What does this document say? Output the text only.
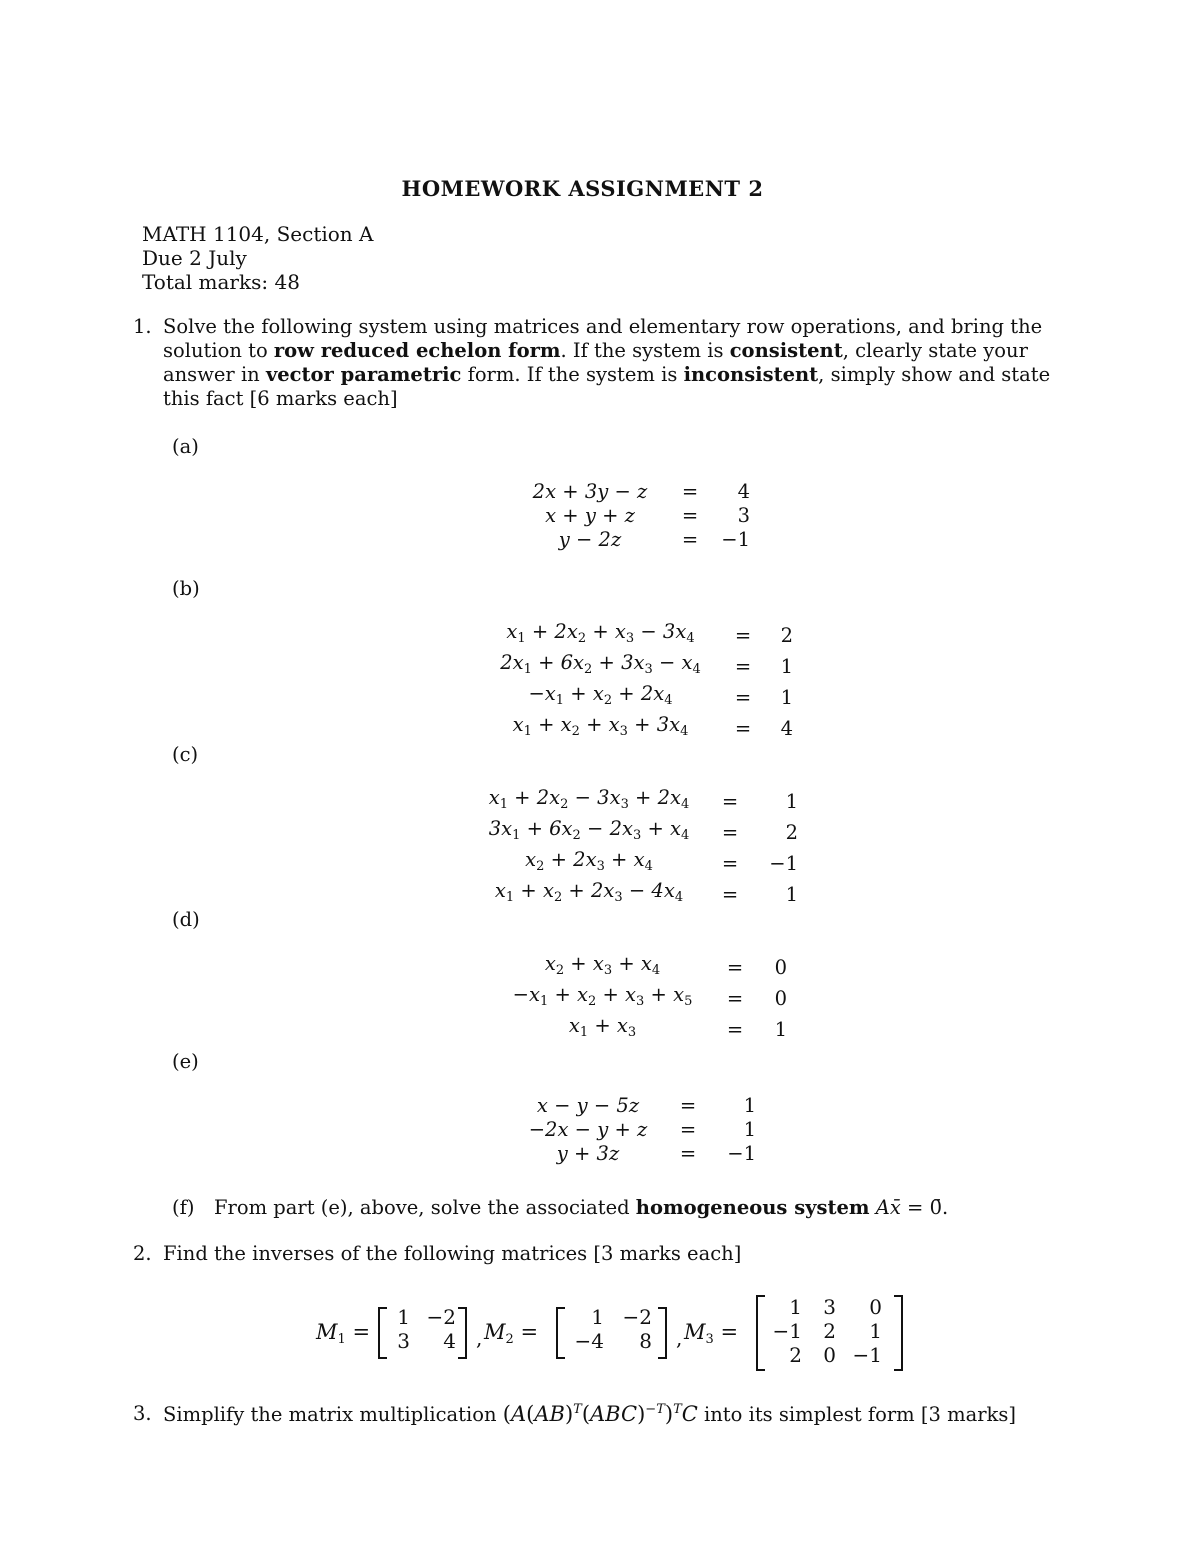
HOMEWORK ASSIGNMENT 2
MATH 1104, Section A
Due 2 July
Total marks: 48
1. Solve the following system using matrices and elementary row operations, and bring the
solution to row reduced echelon form. If the system is consistent, clearly state your
answer in vector parametric form. If the system is inconsistent, simply show and state
this fact [6 marks each]
(a)
2x + 3y − z	=	4
x + y + z	=	3
y − 2z	=	−1
(b)
$x_1 + 2x_2 + x_3 - 3x_4$	=	2
$2x_1 + 6x_2 + 3x_3 - x_4$	=	1
$-x_1 + x_2 + 2x_4$	=	1
$x_1 + x_2 + x_3 + 3x_4$	=	4
(c)
$x_1 + 2x_2 - 3x_3 + 2x_4$	=	1
$3x_1 + 6x_2 - 2x_3 + x_4$	=	2
$x_2 + 2x_3 + x_4$	=	−1
$x_1 + x_2 + 2x_3 - 4x_4$	=	1
(d)
$x_2 + x_3 + x_4$	=	0
$-x_1 + x_2 + x_3 + x_5$	=	0
$x_1 + x_3$	=	1
(e)
x − y − 5z	=	1
−2x − y + z	=	1
y + 3z	=	−1
(f) From part (e), above, solve the associated homogeneous system Ax̄ = 0̄.
2. Find the inverses of the following matrices [3 marks each]
$M_1$ =
1 −2
3	4 , $M_2$ =
1 −2
−4	8 , $M_3$ =
1	3	0
−1	2	1
2	0 −1
3. Simplify the matrix multiplication $(A(AB)^T(ABC)^{-T})^TC$ into its simplest form [3 marks]
